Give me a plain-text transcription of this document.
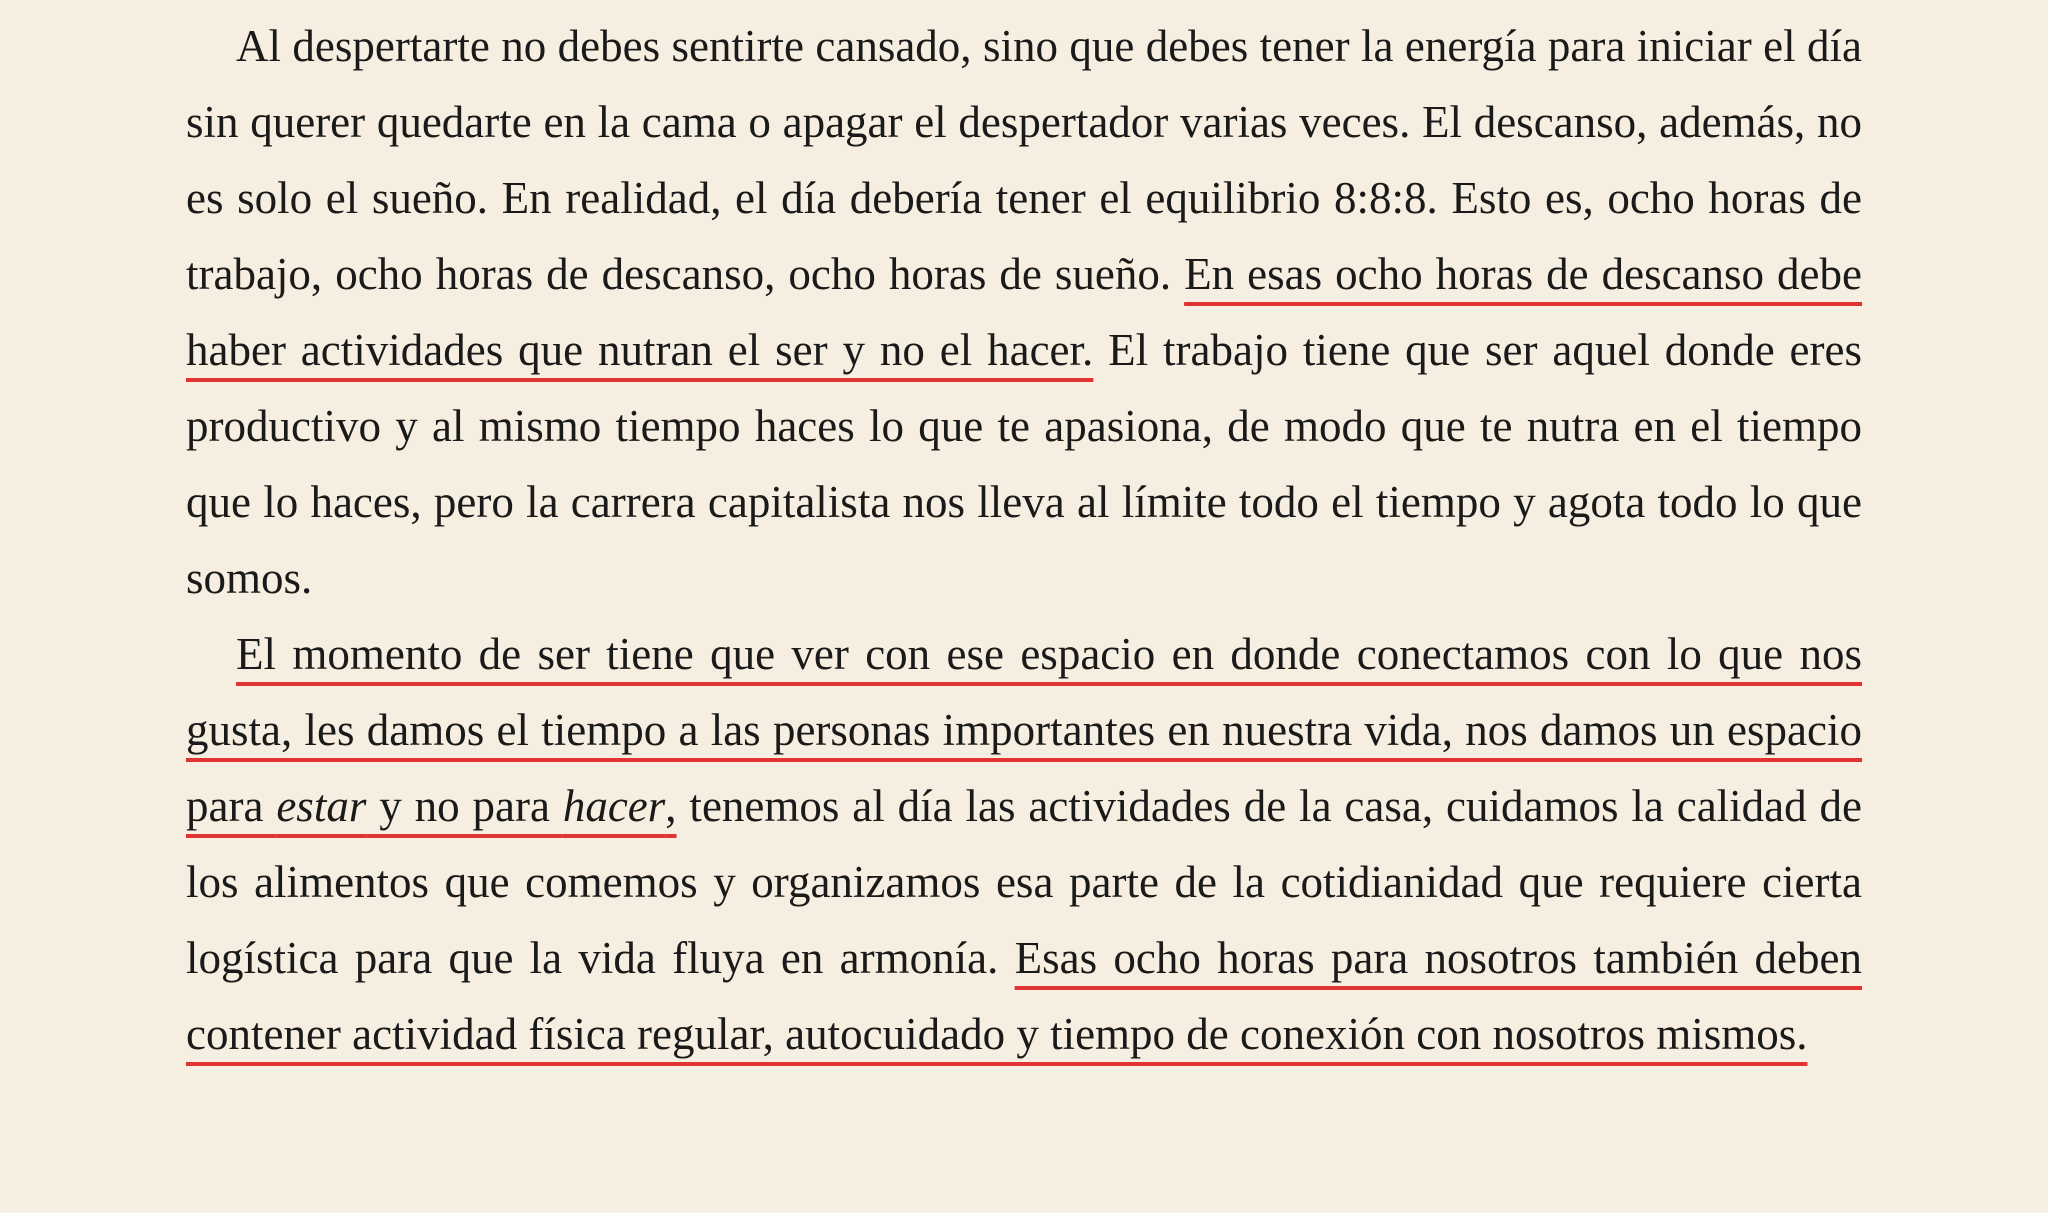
Al despertarte no debes sentirte cansado, sino que debes tener la energía para iniciar el día sin querer quedarte en la cama o apagar el despertador varias veces. El descanso, además, no es solo el sueño. En realidad, el día debería tener el equilibrio 8:8:8. Esto es, ocho horas de trabajo, ocho horas de descanso, ocho horas de sueño. En esas ocho horas de descanso debe haber actividades que nutran el ser y no el hacer. El trabajo tiene que ser aquel donde eres productivo y al mismo tiempo haces lo que te apasiona, de modo que te nutra en el tiempo que lo haces, pero la carrera capitalista nos lleva al límite todo el tiempo y agota todo lo que somos.

El momento de ser tiene que ver con ese espacio en donde conectamos con lo que nos gusta, les damos el tiempo a las personas importantes en nuestra vida, nos damos un espacio para estar y no para hacer, tenemos al día las actividades de la casa, cuidamos la calidad de los alimentos que comemos y organizamos esa parte de la cotidianidad que requiere cierta logística para que la vida fluya en armonía. Esas ocho horas para nosotros también deben contener actividad física regular, autocuidado y tiempo de conexión con nosotros mismos.
